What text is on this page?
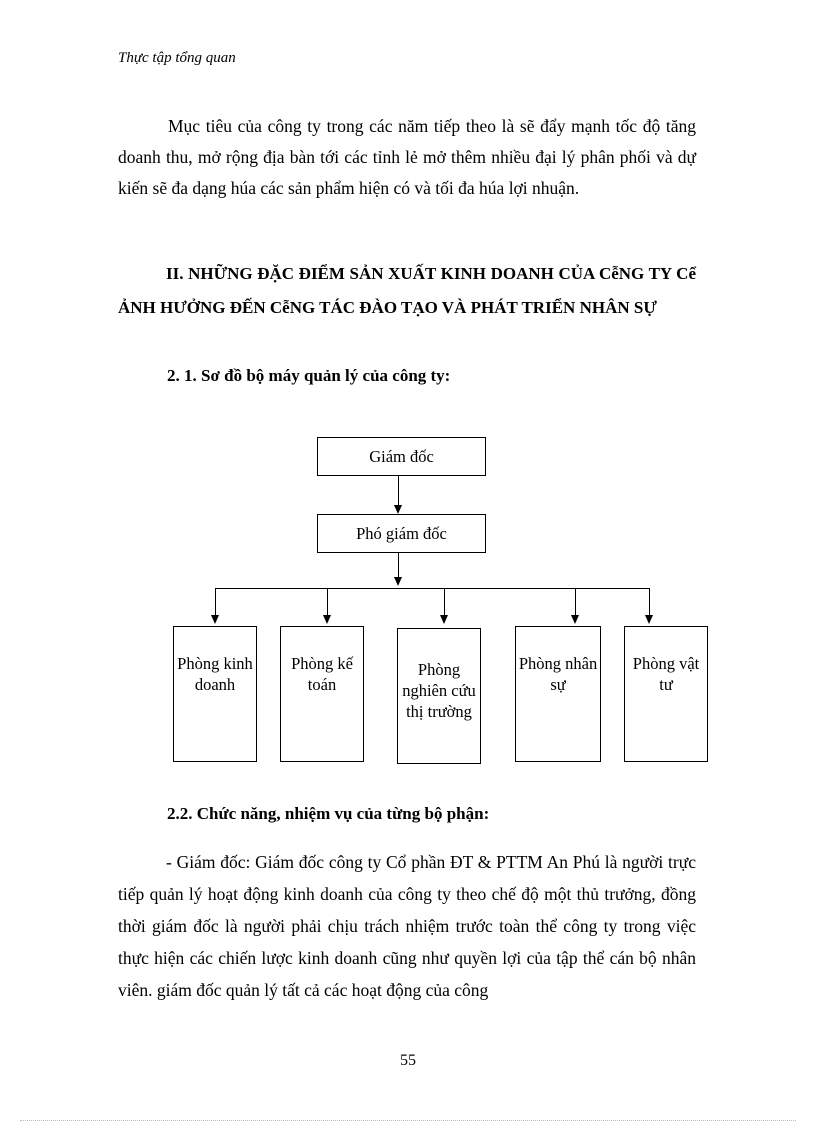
Thực tập tổng quan
Mục tiêu của công ty trong các năm tiếp theo là sẽ đẩy mạnh tốc độ tăng doanh thu, mở rộng địa bàn tới các tỉnh lẻ mở thêm nhiều đại lý phân phối và dự kiến sẽ đa dạng húa các sản phẩm hiện có và tối đa húa lợi nhuận.
II. NHỮNG ĐẶC ĐIỂM SẢN XUẤT KINH DOANH CỦA CễNG TY Cể ẢNH HƯỞNG ĐẾN CễNG TÁC ĐÀO TẠO VÀ PHÁT TRIỂN NHÂN SỰ
2. 1. Sơ đồ bộ máy quản lý của công ty:
Giám đốc
Phó giám đốc
Phòng kinh doanh
Phòng kế toán
Phòng nghiên cứu thị trường
Phòng nhân sự
Phòng vật tư
2.2. Chức năng, nhiệm vụ của từng bộ phận:
- Giám đốc: Giám đốc công ty Cổ phần ĐT & PTTM An Phú là người trực tiếp quản lý hoạt động kinh doanh của công ty theo chế độ một thủ trưởng, đồng thời giám đốc là người phải chịu trách nhiệm trước toàn thể công ty trong việc thực hiện các chiến lược kinh doanh cũng như quyền lợi của tập thể cán bộ nhân viên. giám đốc quản lý tất cả các hoạt động của công
55
